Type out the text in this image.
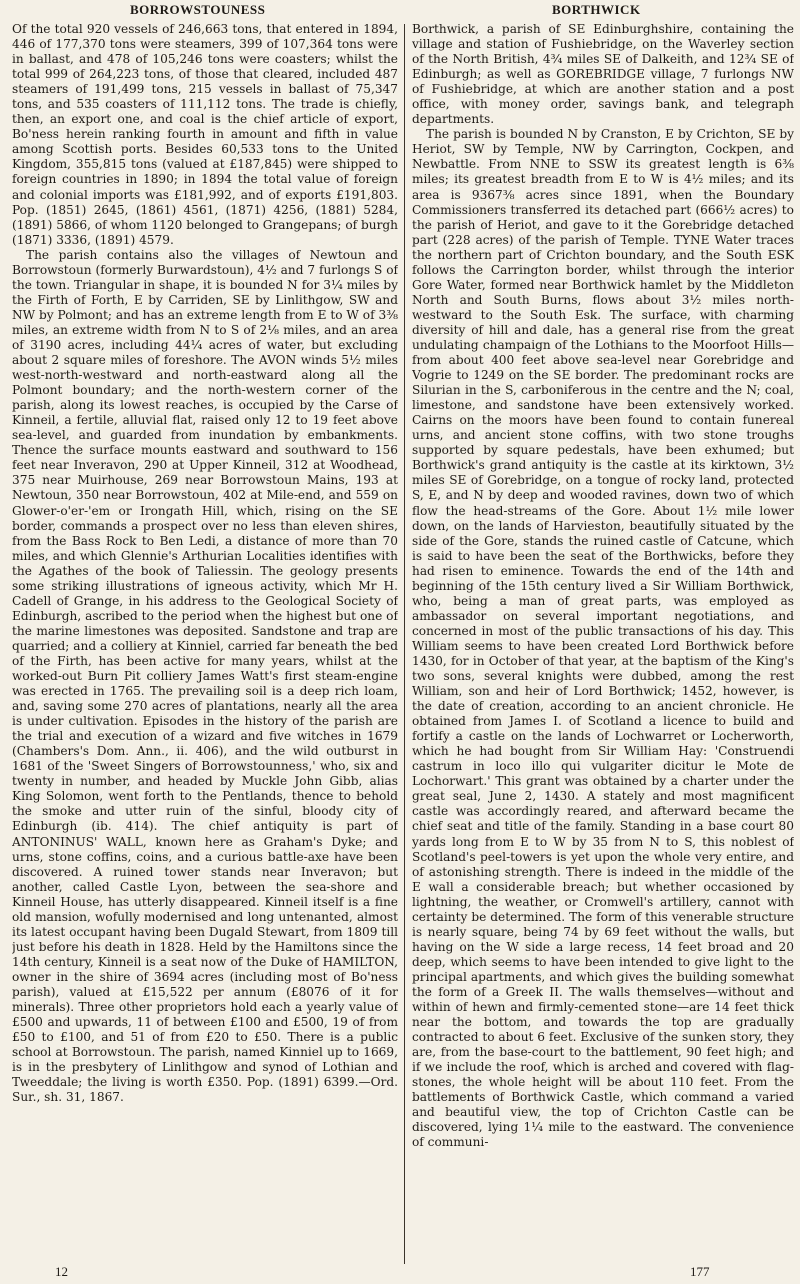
BORROWSTOUNESS	BORTHWICK

Of the total 920 vessels of 246,663 tons, that entered in 1894, 446 of 177,370 tons were steamers, 399 of 107,364 tons were in ballast, and 478 of 105,246 tons were coasters; whilst the total 999 of 264,223 tons, of those that cleared, included 487 steamers of 191,499 tons, 215 vessels in ballast of 75,347 tons, and 535 coasters of 111,112 tons. The trade is chiefly, then, an export one, and coal is the chief article of export, Bo'ness herein ranking fourth in amount and fifth in value among Scottish ports. Besides 60,533 tons to the United Kingdom, 355,815 tons (valued at £187,845) were shipped to foreign countries in 1890; in 1894 the total value of foreign and colonial imports was £181,992, and of exports £191,803. Pop. (1851) 2645, (1861) 4561, (1871) 4256, (1881) 5284, (1891) 5866, of whom 1120 belonged to Grangepans; of burgh (1871) 3336, (1891) 4579.

The parish contains also the villages of Newtoun and Borrowstoun (formerly Burwardstoun), 4½ and 7 furlongs S of the town. Triangular in shape, it is bounded N for 3¼ miles by the Firth of Forth, E by Carriden, SE by Linlithgow, SW and NW by Polmont; and has an extreme length from E to W of 3⅜ miles, an extreme width from N to S of 2⅛ miles, and an area of 3190 acres, including 44¼ acres of water, but excluding about 2 square miles of foreshore. The AVON winds 5½ miles west-north-westward and north-eastward along all the Polmont boundary; and the north-western corner of the parish, along its lowest reaches, is occupied by the Carse of Kinneil, a fertile, alluvial flat, raised only 12 to 19 feet above sea-level, and guarded from inundation by embankments. Thence the surface mounts eastward and southward to 156 feet near Inveravon, 290 at Upper Kinneil, 312 at Woodhead, 375 near Muirhouse, 269 near Borrowstoun Mains, 193 at Newtoun, 350 near Borrowstoun, 402 at Mile-end, and 559 on Glower-o'er-'em or Irongath Hill, which, rising on the SE border, commands a prospect over no less than eleven shires, from the Bass Rock to Ben Ledi, a distance of more than 70 miles, and which Glennie's Arthurian Localities identifies with the Agathes of the book of Taliessin. The geology presents some striking illustrations of igneous activity, which Mr H. Cadell of Grange, in his address to the Geological Society of Edinburgh, ascribed to the period when the highest but one of the marine limestones was deposited. Sandstone and trap are quarried; and a colliery at Kinniel, carried far beneath the bed of the Firth, has been active for many years, whilst at the worked-out Burn Pit colliery James Watt's first steam-engine was erected in 1765. The prevailing soil is a deep rich loam, and, saving some 270 acres of plantations, nearly all the area is under cultivation. Episodes in the history of the parish are the trial and execution of a wizard and five witches in 1679 (Chambers's Dom. Ann., ii. 406), and the wild outburst in 1681 of the 'Sweet Singers of Borrowstounness,' who, six and twenty in number, and headed by Muckle John Gibb, alias King Solomon, went forth to the Pentlands, thence to behold the smoke and utter ruin of the sinful, bloody city of Edinburgh (ib. 414). The chief antiquity is part of ANTONINUS' WALL, known here as Graham's Dyke; and urns, stone coffins, coins, and a curious battle-axe have been discovered. A ruined tower stands near Inveravon; but another, called Castle Lyon, between the sea-shore and Kinneil House, has utterly disappeared. Kinneil itself is a fine old mansion, wofully modernised and long untenanted, almost its latest occupant having been Dugald Stewart, from 1809 till just before his death in 1828. Held by the Hamiltons since the 14th century, Kinneil is a seat now of the Duke of HAMILTON, owner in the shire of 3694 acres (including most of Bo'ness parish), valued at £15,522 per annum (£8076 of it for minerals). Three other proprietors hold each a yearly value of £500 and upwards, 11 of between £100 and £500, 19 of from £50 to £100, and 51 of from £20 to £50. There is a public school at Borrowstoun. The parish, named Kinniel up to 1669, is in the presbytery of Linlithgow and synod of Lothian and Tweeddale; the living is worth £350. Pop. (1891) 6399.—Ord. Sur., sh. 31, 1867.

Borthwick, a parish of SE Edinburghshire, containing the village and station of Fushiebridge, on the Waverley section of the North British, 4¾ miles SE of Dalkeith, and 12¾ SE of Edinburgh; as well as GOREBRIDGE village, 7 furlongs NW of Fushiebridge, at which are another station and a post office, with money order, savings bank, and telegraph departments.

The parish is bounded N by Cranston, E by Crichton, SE by Heriot, SW by Temple, NW by Carrington, Cockpen, and Newbattle. From NNE to SSW its greatest length is 6⅜ miles; its greatest breadth from E to W is 4½ miles; and its area is 9367⅜ acres since 1891, when the Boundary Commissioners transferred its detached part (666½ acres) to the parish of Heriot, and gave to it the Gorebridge detached part (228 acres) of the parish of Temple. TYNE Water traces the northern part of Crichton boundary, and the South ESK follows the Carrington border, whilst through the interior Gore Water, formed near Borthwick hamlet by the Middleton North and South Burns, flows about 3½ miles north-westward to the South Esk. The surface, with charming diversity of hill and dale, has a general rise from the great undulating champaign of the Lothians to the Moorfoot Hills—from about 400 feet above sea-level near Gorebridge and Vogrie to 1249 on the SE border. The predominant rocks are Silurian in the S, carboniferous in the centre and the N; coal, limestone, and sandstone have been extensively worked. Cairns on the moors have been found to contain funereal urns, and ancient stone coffins, with two stone troughs supported by square pedestals, have been exhumed; but Borthwick's grand antiquity is the castle at its kirktown, 3½ miles SE of Gorebridge, on a tongue of rocky land, protected S, E, and N by deep and wooded ravines, down two of which flow the head-streams of the Gore. About 1½ mile lower down, on the lands of Harvieston, beautifully situated by the side of the Gore, stands the ruined castle of Catcune, which is said to have been the seat of the Borthwicks, before they had risen to eminence. Towards the end of the 14th and beginning of the 15th century lived a Sir William Borthwick, who, being a man of great parts, was employed as ambassador on several important negotiations, and concerned in most of the public transactions of his day. This William seems to have been created Lord Borthwick before 1430, for in October of that year, at the baptism of the King's two sons, several knights were dubbed, among the rest William, son and heir of Lord Borthwick; 1452, however, is the date of creation, according to an ancient chronicle. He obtained from James I. of Scotland a licence to build and fortify a castle on the lands of Lochwarret or Locherworth, which he had bought from Sir William Hay: 'Construendi castrum in loco illo qui vulgariter dicitur le Mote de Lochorwart.' This grant was obtained by a charter under the great seal, June 2, 1430. A stately and most magnificent castle was accordingly reared, and afterward became the chief seat and title of the family. Standing in a base court 80 yards long from E to W by 35 from N to S, this noblest of Scotland's peel-towers is yet upon the whole very entire, and of astonishing strength. There is indeed in the middle of the E wall a considerable breach; but whether occasioned by lightning, the weather, or Cromwell's artillery, cannot with certainty be determined. The form of this venerable structure is nearly square, being 74 by 69 feet without the walls, but having on the W side a large recess, 14 feet broad and 20 deep, which seems to have been intended to give light to the principal apartments, and which gives the building somewhat the form of a Greek II. The walls themselves—without and within of hewn and firmly-cemented stone—are 14 feet thick near the bottom, and towards the top are gradually contracted to about 6 feet. Exclusive of the sunken story, they are, from the base-court to the battlement, 90 feet high; and if we include the roof, which is arched and covered with flag-stones, the whole height will be about 110 feet. From the battlements of Borthwick Castle, which command a varied and beautiful view, the top of Crichton Castle can be discovered, lying 1¼ mile to the eastward. The convenience of communi-

12	177
